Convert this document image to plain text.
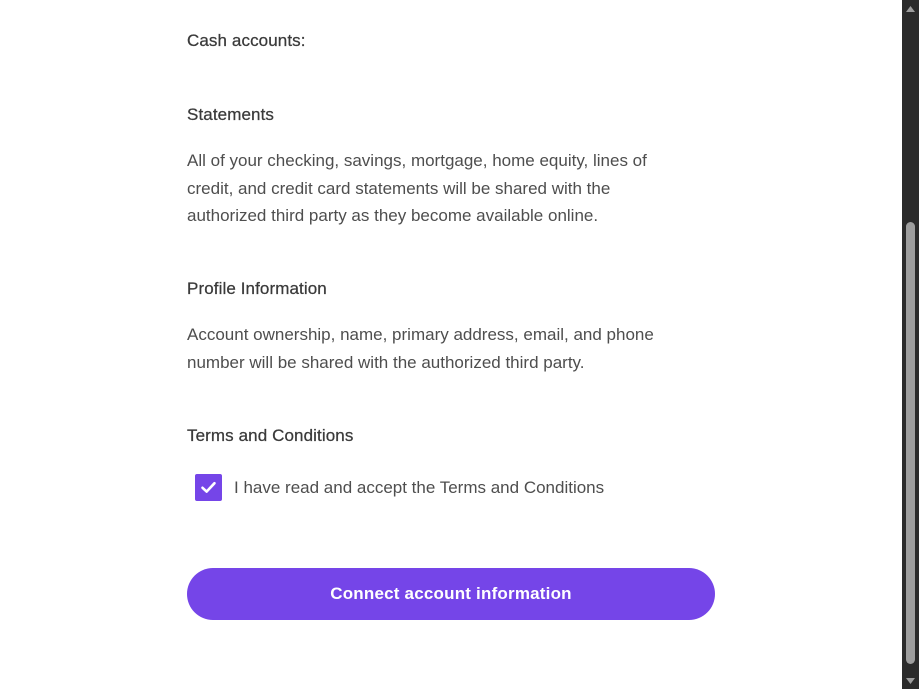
Cash accounts:
Statements

All of your checking, savings, mortgage, home equity, lines of
credit, and credit card statements will be shared with the
authorized third party as they become available online.

Profile Information

Account ownership, name, primary address, email, and phone
number will be shared with the authorized third party.

Terms and Conditions
I have read and accept the Terms and Conditions
Connect account information
